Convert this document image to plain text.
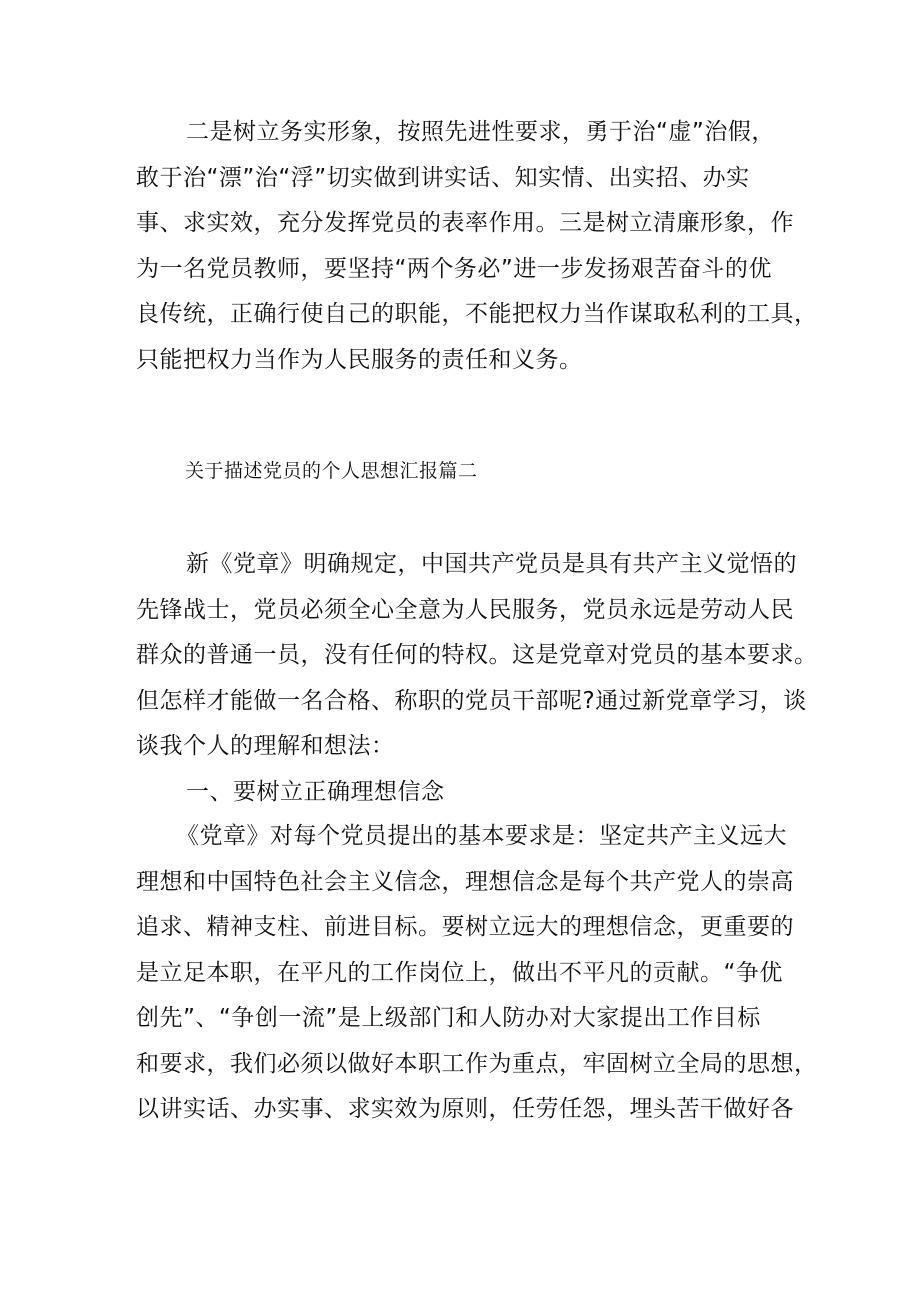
二是树立务实形象，按照先进性要求，勇于治“虚”治假，
敢于治“漂”治“浮”切实做到讲实话、知实情、出实招、办实
事、求实效，充分发挥党员的表率作用。三是树立清廉形象，作
为一名党员教师，要坚持“两个务必”进一步发扬艰苦奋斗的优
良传统，正确行使自己的职能，不能把权力当作谋取私利的工具，
只能把权力当作为人民服务的责任和义务。
关于描述党员的个人思想汇报篇二
新《党章》明确规定，中国共产党员是具有共产主义觉悟的
先锋战士，党员必须全心全意为人民服务，党员永远是劳动人民
群众的普通一员，没有任何的特权。这是党章对党员的基本要求。
但怎样才能做一名合格、称职的党员干部呢?通过新党章学习，谈
谈我个人的理解和想法：
一、要树立正确理想信念
《党章》对每个党员提出的基本要求是：坚定共产主义远大
理想和中国特色社会主义信念，理想信念是每个共产党人的崇高
追求、精神支柱、前进目标。要树立远大的理想信念，更重要的
是立足本职，在平凡的工作岗位上，做出不平凡的贡献。“争优
创先”、“争创一流”是上级部门和人防办对大家提出工作目标
和要求，我们必须以做好本职工作为重点，牢固树立全局的思想，
以讲实话、办实事、求实效为原则，任劳任怨，埋头苦干做好各
